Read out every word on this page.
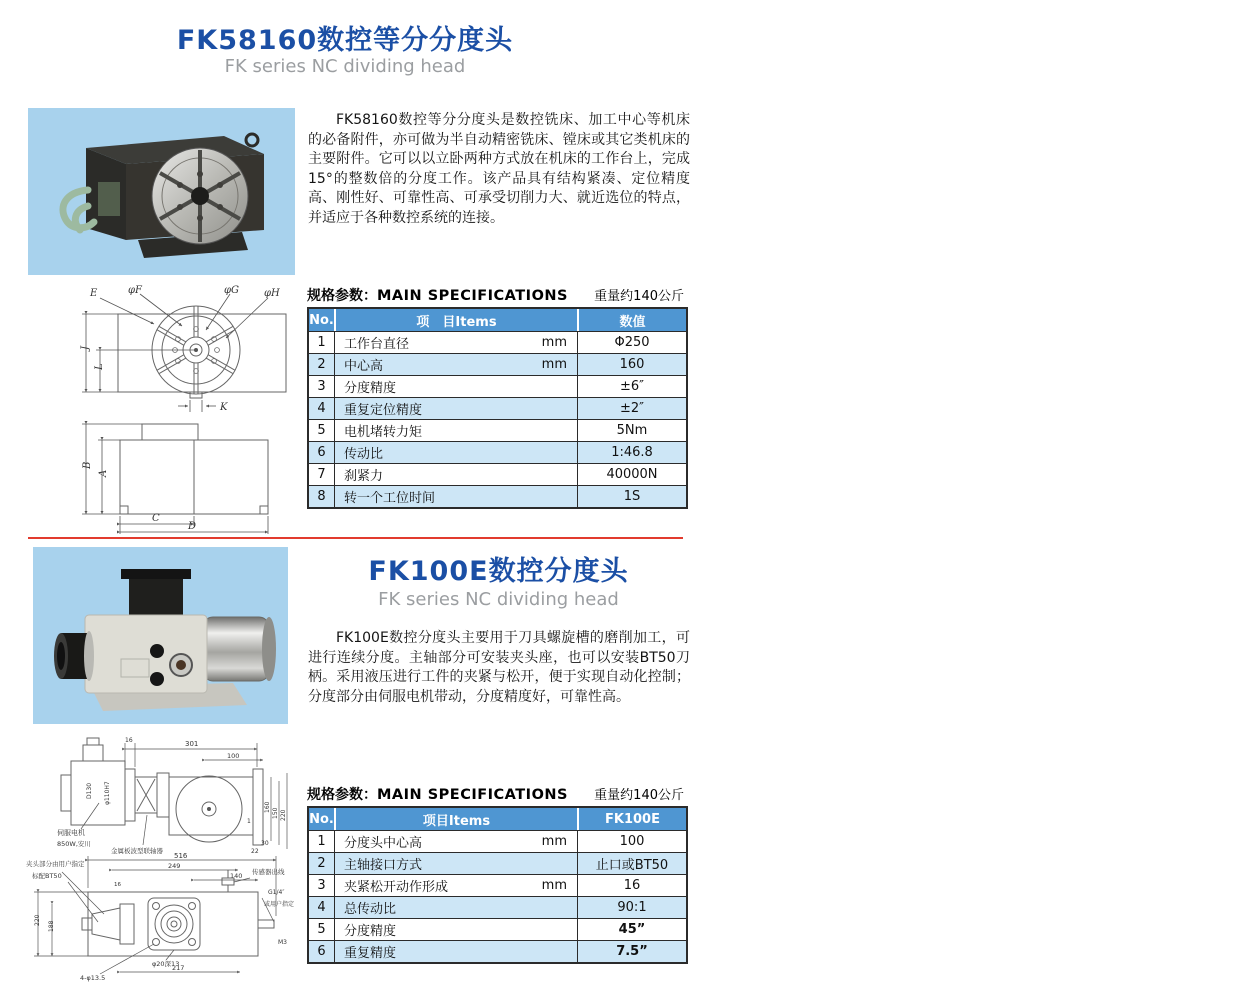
FK58160数控等分分度头
FK series NC dividing head

FK58160数控等分分度头是数控铣床、加工中心等机床的必备附件，亦可做为半自动精密铣床、镗床或其它类机床的主要附件。它可以以立卧两种方式放在机床的工作台上，完成15°的整数倍的分度工作。该产品具有结构紧凑、定位精度高、刚性好、可靠性高、可承受切削力大、就近选位的特点，并适应于各种数控系统的连接。

E	φF	φG	φH
J
L
K
B
A
C
D
规格参数： MAIN SPECIFICATIONS 重量约140公斤
No.	项　目Items	数值
1	工作台直径 mm	Φ250
2	中心高 mm	160
3	分度精度	±6″
4	重复定位精度	±2″
5	电机堵转力矩	5Nm
6	传动比	1:46.8
7	刹紧力	40000N
8	转一个工位时间	1S
FK100E数控分度头
FK series NC dividing head

FK100E数控分度头主要用于刀具螺旋槽的磨削加工，可进行连续分度。主轴部分可安装夹头座，也可以安装BT50刀柄。采用液压进行工件的夹紧与松开，便于实现自动化控制；分度部分由伺服电机带动，分度精度好，可靠性高。

16	301
100
D130 φ110H7
160
150 220
1
30
22
伺服电机
850W,安川
金属板波型联轴器
516
249
140
16
217
4-φ13.5
φ20深13
220
188
夹头部分由用户指定
标配BT50	传感器出线
G1/4″
或用户指定
M3
规格参数： MAIN SPECIFICATIONS 重量约140公斤
No.	项目Items	FK100E
1	分度头中心高 mm	100
2	主轴接口方式	止口或BT50
3	夹紧松开动作形成 mm	16
4	总传动比	90:1
5	分度精度	45”
6	重复精度	7.5”
